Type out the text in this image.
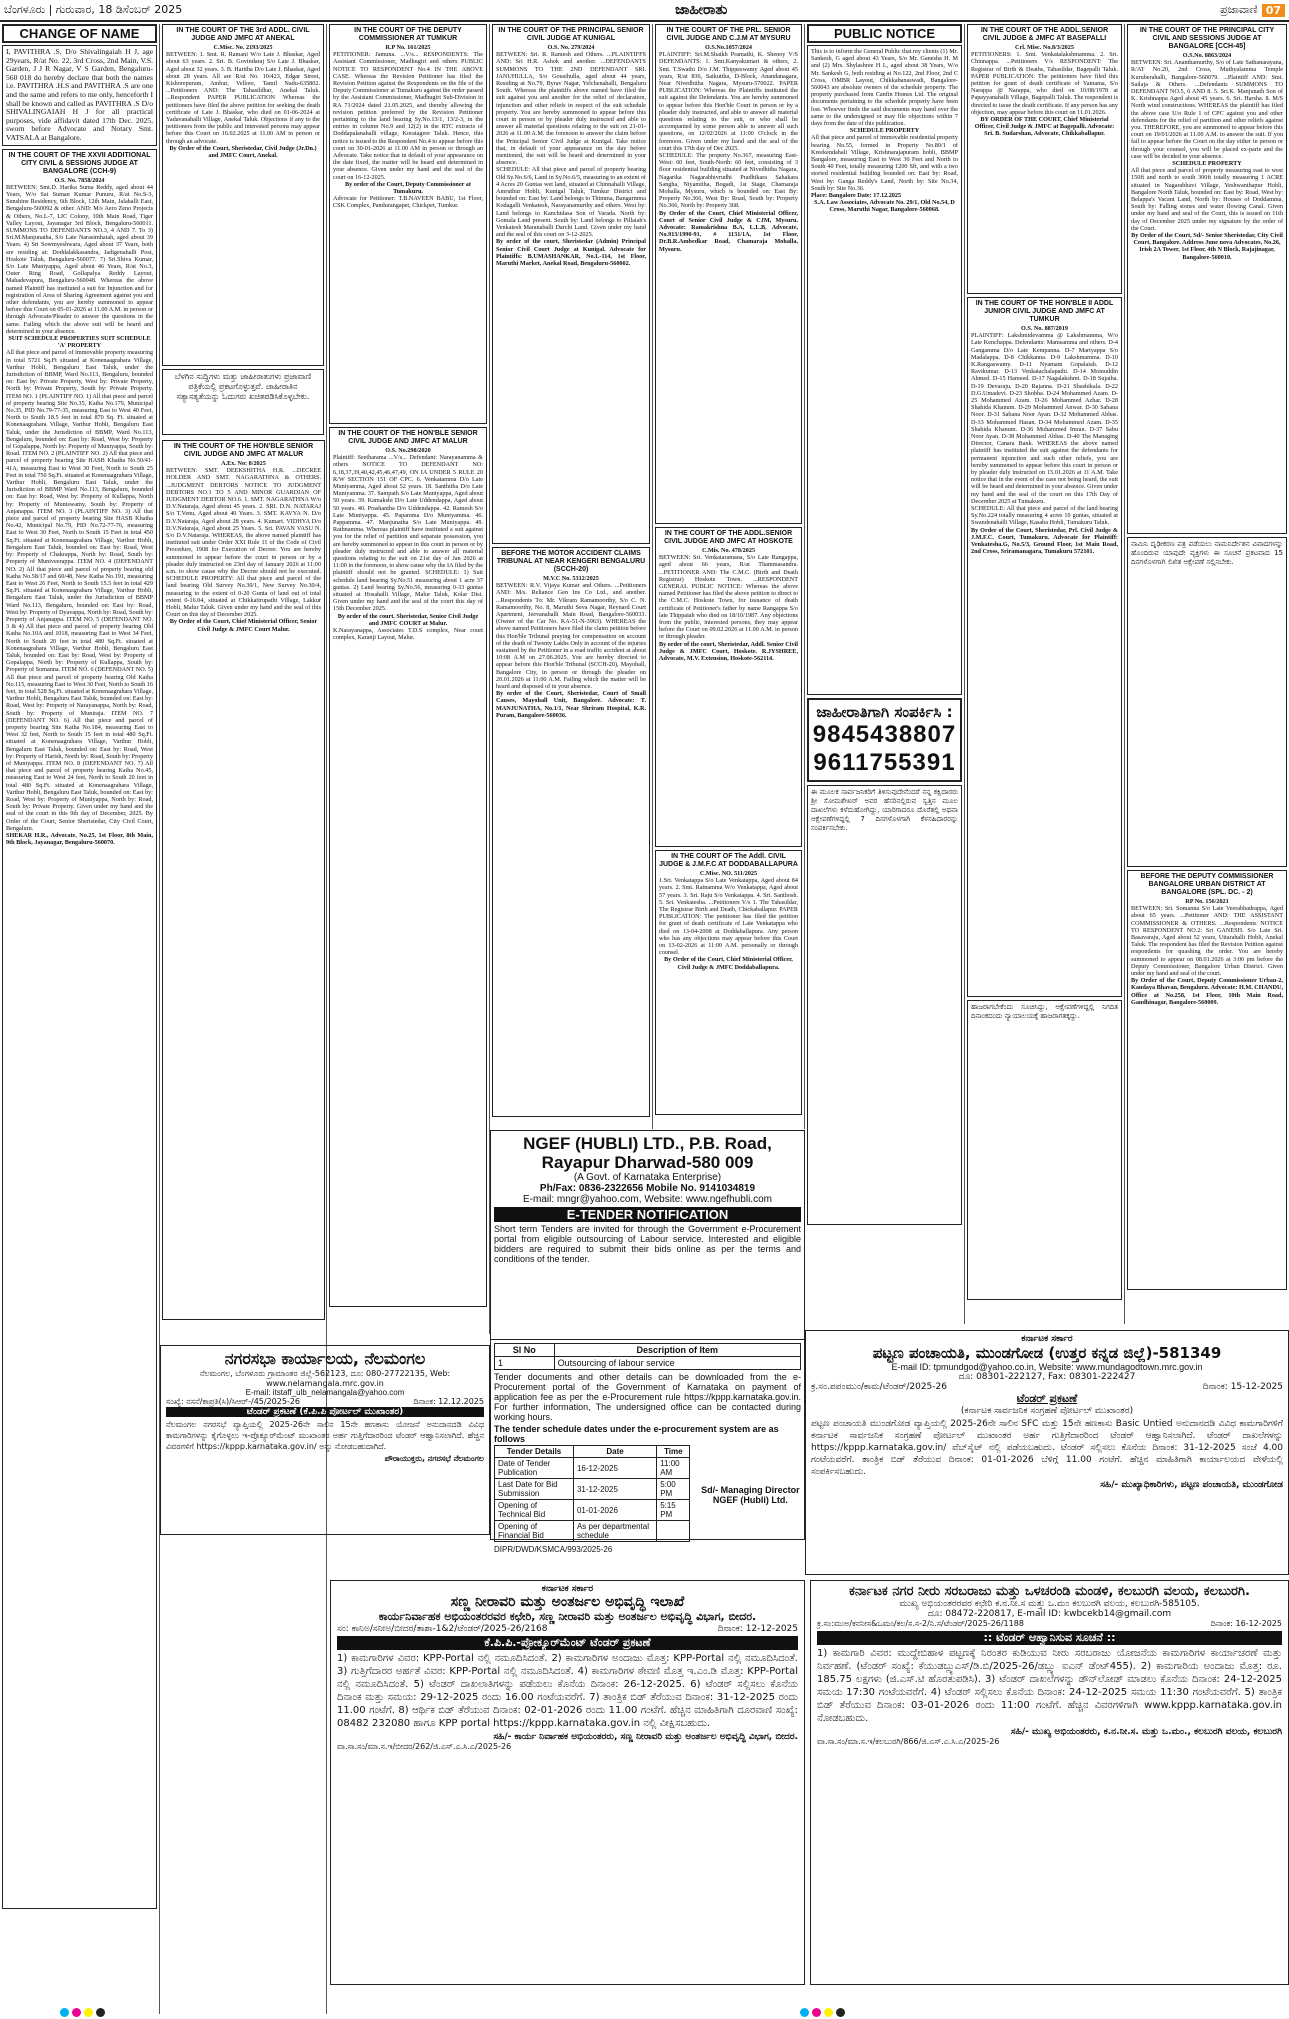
ಬೆಂಗಳೂರು | ಗುರುವಾರ, 18 ಡಿಸೆಂಬರ್ 2025	ಜಾಹೀರಾತು	ಪ್ರಜಾವಾಣಿ 07
CHANGE OF NAME

I, PAVITHRA .S, D/o Shivalingaiah H J, age 29years, R/at No. 22, 3rd Cross, 2nd Main, V.S. Garden, J J R Nagar, V S Garden, Bengaluru-560 018 do hereby declare that both the names i.e. PAVITHRA .H.S and PAVITHRA .S are one and the same and refers to me only, henceforth I shall be known and called as PAVITHRA .S D/o SHIVALINGAIAH H J for all practical purposes, vide affidavit dated 17th Dec. 2025, sworn before Advocate and Notary Smt. VATSALA at Bangalore.

IN THE COURT OF THE XXVII ADDITIONAL CITY CIVIL & SESSIONS JUDGE AT BANGALORE (CCH-9)
O.S. No. 7858/2024

BETWEEN: Smt.D. Harika Suma Reddy, aged about 44 Years, W/o Sai Suman Kumar Punuru, R/at No.S-3, Sunshine Residency, 6th Block, 12th Main, Jalahalli East, Bengaluru-560092 & other. AND: M/s Aero Zeno Projects & Others, No.L-7, LIC Colony, 10th Main Road, Tiger Valley Layout, Jayanagar 3rd Block, Bengaluru-560011. SUMMONS TO DEFENDANTS NO.3, 4 AND 7. To 3) Sri.M.Manjunatha, S/o Late Narasimhaiah, aged about 39 Years. 4) Sri Sowmyeshwara, Aged about 37 Years, both are residing at: Doddalakkasandra, Jadigenahalli Post, Hoskote Taluk, Bengaluru-560077. 7) Sri.Shiva Kumar, S/o Late Muniyappa, Aged about 46 Years, R/at No.3, Outer Ring Road, Gollapalya Reddy Layout, Mahadevapura, Bengaluru-560048. Whereas the above named Plaintiff has instituted a suit for Injunction and for registration of Area of Sharing Agreement against you and other defendants, you are hereby summoned to appear before this Court on 05-01-2026 at 11.00 A.M. in person or through Advocate/Pleader to answer the questions in the same. Failing which the above suit will be heard and determined in your absence.

SUIT SCHEDULE PROPERTIES SUIT SCHEDULE 'A' PROPERTY

All that piece and parcel of immovable property measuring in total 5721 Sq.Ft situated at Konenaagrahara Village, Varthur Hobli, Bengaluru East Taluk, under the Jurisdiction of BBMP, Ward No.113, Bengaluru, bounded on: East by: Private Property, West by: Private Property, North by: Private Property, South by: Private Property. ITEM NO. 1 (PLAINTIFF NO. 1) All that piece and parcel of property bearing Site No.35, Katha No.179, Municipal No.35, PID No.79-77-35, measuring East to West 40 Feet, North to South 18.5 feet in total 870 Sq. Ft. situated at Konenaagrahara Village, Varthur Hobli, Bengaluru East Taluk, under the Jurisdiction of BBMP, Ward No.113, Bengaluru, bounded on: East by: Road, West by: Property of Gopalappa, North by: Property of Muniyappa, South by: Road. ITEM NO. 2 (PLAINTIFF NO. 2) All that piece and parcel of property bearing Site HASB Khatha No.50/41-41A, measuring East to West 30 Feet, North to South 25 Feet in total 750 Sq.Ft. situated at Konenaagrahara Village, Varthur Hobli, Bengaluru East Taluk, under the Jurisdiction of BBMP Ward No.113, Bengaluru, bounded on: East by: Road, West by: Property of Kullappa, North by: Property of Muniswamy, South by: Property of Anjanappa. ITEM NO. 3 (PLAINTIFF NO. 3) All that piece and parcel of property bearing Site HASB Khatha No.42, Municipal No.79, PID No.72-77-76, measuring East to West 30 Feet, North to South 15 Feet in total 450 Sq.Ft. situated at Konenaagrahara Village, Varthur Hobli, Bengaluru East Taluk, bounded on: East by: Road, West by: Property of Chakrappa, North by: Road, South by: Property of Muniveerappa. ITEM NO. 4 (DEFENDANT NO. 2) All that piece and parcel of property bearing old Katha No.58/17 and 60/48, New Katha No.191, measuring East to West 26 Feet, North to South 15.5 feet in total 429 Sq.Ft. situated at Konenaagrahara Village, Varthur Hobli, Bengaluru East Taluk, under the Jurisdiction of BBMP Ward No.113, Bengaluru, bounded on: East by: Road, West by: Property of Dyavappa, North by: Road, South by: Property of Anjanappa. ITEM NO. 5 (DEFENDANT NO. 3 & 4) All that piece and parcel of property bearing Old Katha No.10A and 1018, measuring East to West 34 Feet, North to South 20 feet in total 480 Sq.Ft. situated at Konenaagrahara Village, Varthur Hobli, Bengaluru East Taluk, bounded on: East by: Road, West by: Property of Gopalappa, North by: Property of Kullappa, South by: Property of Somanna. ITEM NO. 6 (DEFENDANT NO. 5) All that piece and parcel of property bearing Old Katha No.115, measuring East to West 30 Feet, North to South 16 feet, in total 528 Sq.Ft. situated at Konenaagrahara Village, Varthur Hobli, Bengaluru East Taluk, bounded on: East by: Road, West by: Property of Narayanappa, North by: Road, South by: Property of Muniraja. ITEM NO. 7 (DEFENDANT NO. 6) All that piece and parcel of property bearing Site Katha No.184, measuring East to West 32 feet, North to South 15 feet in total 480 Sq.Ft. situated at Konenaagrahara Village, Varthur Hobli, Bengaluru East Taluk, bounded on: East by: Road, West by: Property of Harish, North by: Road, South by: Property of Muniyappa. ITEM NO. 8 (DEFENDANT NO. 7) All that piece and parcel of property bearing Katha No.45, measuring East to West 24 feet, North to South 20 feet in total 480 Sq.Ft. situated at Konenaagrahara Village, Varthur Hobli, Bengaluru East Taluk, bounded on: East by: Road, West by: Property of Muniyappa, North by: Road, South by: Private Property. Given under my hand and the seal of the court in this 9th day of December, 2025. By Order of the Court, Senior Sheristedar, City Civil Court, Bengaluru.

SHEKAR H.R., Advocate, No.25, 1st Floor, 8th Main, 9th Block, Jayanagar, Bengaluru-560070.

IN THE COURT OF THE 3rd ADDL. CIVIL JUDGE AND JMFC AT ANEKAL
C.Misc. No. 2193/2025

BETWEEN: 1. Smt. R. Ramani W/o Late J. Bhaskar, Aged about 63 years. 2. Sri. B. Govindaraj S/o Late J. Bhaskar, Aged about 32 years. 3. B. Haritha D/o Late J. Bhaskar, Aged about 28 years. All are R/at No. 10/423, Edgar Street, Kishorepuram, Ambur, Vellore, Tamil Nadu-635802. ...Petitioners AND: The Tahasildhar, Anekal Taluk. ...Respondent PAPER PUBLICATION Whereas the petitioners have filed the above petition for seeking the death certificate of Late J. Bhaskar, who died on 01-06-2024 at Yadavanahalli Village, Anekal Taluk. Objections if any to the petitioners from the public and interested persons may appear before this Court on 16.02.2025 at 11.00 AM in person or through an advocate.

By Order of the Court, Sheristedar, Civil Judge (Jr.Dn.) and JMFC Court, Anekal.

ಬೆಳಗಿನ ಸುದ್ದಿಗಳು ಮತ್ತು ಜಾಹೀರಾತುಗಳು ಪ್ರಜಾವಾಣಿ ಪತ್ರಿಕೆಯಲ್ಲಿ ಪ್ರಕಟಗೊಳ್ಳುತ್ತವೆ. ಜಾಹೀರಾತಿನ ಸತ್ಯಾಸತ್ಯತೆಯನ್ನು ಓದುಗರು ಖಚಿತಪಡಿಸಿಕೊಳ್ಳಬೇಕು.

IN THE COURT OF THE HON'BLE SENIOR CIVIL JUDGE AND JMFC AT MALUR
A.Ex. No: 8/2025

BETWEEN: SMT. DEEKSHITHA H.R. ...DECREE HOLDER AND SMT. NAGARATHNA & OTHERS. ...JUDGMENT DEBTORS NOTICE TO JUDGMENT DEBTORS NO.1 TO 5 AND MINOR GUARDIAN OF JUDGMENT DEBTOR NO.6. 1. SMT. NAGARATHNA W/o D.V.Nataraja, Aged about 45 years. 2. SRI. D.N. NATARAJ S/o T.Venu, Aged about 40 Years. 3. SMT. KAVYA N. D/o D.V.Nataraja, Aged about 28 years. 4. Kumari. VIDHYA D/o D.V.Nataraja, Aged about 25 Years. 5. Sri. PAVAN VASU N. S/o D.V.Nataraja. WHEREAS, the above named plaintiff has instituted suit under Order XXI Rule 11 of the Code of Civil Procedure, 1908 for Execution of Decree. You are hereby summoned to appear before the court in person or by a pleader duly instructed on 23rd day of January 2026 at 11:00 a.m. to show cause why the Decree should not be executed. SCHEDULE PROPERTY: All that piece and parcel of the land bearing Old Survey No.30/1, New Survey No.30/4, measuring to the extent of 0-20 Gunta of land out of total extent 0-16.04, situated at Chikkatirupathi Village, Lakkur Hobli, Malur Taluk. Given under my hand and the seal of this Court on this day of December 2025.

By Order of the Court, Chief Ministerial Officer, Senior Civil Judge & JMFC Court Malur.

IN THE COURT OF THE DEPUTY COMMISSIONER AT TUMKUR
R.P No. 161/2025

PETITIONER: Jamuna. ...V/s... RESPONDENTS: The Assistant Commissioner, Madhugiri and others PUBLIC NOTICE TO RESPONDENT No.4 IN THE ABOVE CASE. Whereas the Revision Petitioner has filed the Revision Petition against the Respondents on the file of the Deputy Commissioner at Tumakuru against the order passed by the Assistant Commissioner, Madhugiri Sub-Division in RA 71/2024 dated 21.05.2025, and thereby allowing the revision petition preferred by the Revision Petitioner pertaining to the land bearing Sy.No.13/1, 13/2-3, in the entries in column No.9 and 12(2) in the RTC extracts of Doddapalanahalli village, Koratagere Taluk. Hence, this notice is issued to the Respondent No.4 to appear before this court on 30-01-2026 at 11.00 AM in person or through an Advocate. Take notice that in default of your appearance on the date fixed, the matter will be heard and determined in your absence. Given under my hand and the seal of the court on 16-12-2025.

By order of the Court, Deputy Commissioner at Tumakuru.

Advocate for Petitioner: T.B.NAVEEN BABU, 1st Floor, CSK Complex, Pandurangapet, Chickpet, Tumkur.

IN THE COURT OF THE HON'BLE SENIOR CIVIL JUDGE AND JMFC AT MALUR
O.S. No.298/2020

Plaintiff: Seetharama ...V/s... Defendant: Narayanamma & others NOTICE TO DEFENDANT NO: 6,18,37,39,40,42,45,46,47,49, ON IA UNDER 5 RULE 20 R/W SECTION 151 OF CPC. 6. Venkatamma D/o Late Muniyamma, Aged about 52 years. 18. Santhitha D/o Late Muniyamma. 37. Sampath S/o Late Muniyappa, Aged about 50 years. 39. Kamakshi D/o Late Uddendappa, Aged about 50 years. 40. Prashantha D/o Uddendappa. 42. Ramesh S/o Late Muniyappa. 45. Papamma D/o Muniyamma. 46. Pappamma. 47. Manjunatha S/o Late Muniyappa. 49. Rathnamma. Whereas plaintiff have instituted a suit against you for the relief of partition and separate possession, you are hereby summoned to appear in this court in person or by pleader duly instructed and able to answer all material questions relating to the suit on 21st day of Jan 2026 at 11:00 in the forenoon, to show cause why the IA filed by the plaintiff should not be granted. SCHEDULE: 1) Suit schedule land bearing Sy.No.51 measuring about 1 acre 37 guntas. 2) Land bearing Sy.No.56, measuring 0-33 guntas situated at Hosahalli Village, Malur Taluk, Kolar Dist. Given under my hand and the seal of the court this day of 15th December 2025.

By order of the court. Sheristedar, Senior Civil Judge and JMFC COURT at Malur.

K.Narayanappa, Associates T.D.S complex, Near court complex, Karanji Layout, Malur.

IN THE COURT OF THE PRINCIPAL SENIOR CIVIL JUDGE AT KUNIGAL
O.S. No. 279/2024

BETWEEN: Sri. R. Ramesh and Others. ...PLAINTIFFS AND: Sri H.R. Ashok and another. ...DEFENDANTS SUMMONS TO THE 2ND DEFENDANT SRI. JANUHULLA, S/o Gousihulla, aged about 44 years, Residing at No.79, Byrav Nagar, Yelchenahalli, Bengaluru South. Whereas the plaintiffs above named have filed the suit against you and another for the relief of declaration, injunction and other reliefs in respect of the suit schedule property. You are hereby summoned to appear before this court in person or by pleader duly instructed and able to answer all material questions relating to the suit on 21-01-2026 at 11.00 A.M. the forenoon to answer the claim before the Principal Senior Civil Judge at Kunigal. Take notice that, in default of your appearance on the day before mentioned, the suit will be heard and determined in your absence.

SCHEDULE: All that piece and parcel of property bearing Old Sy.No.6/6, Land in Sy.No.6/5, measuring to an extent of 4 Acres 20 Guntas wet land, situated at Chinnahalli Village, Amruthur Hobli, Kunigal Taluk, Tumkur District and bounded on: East by: Land belongs to Thimma, Bangarmma Kodagalli Venkatesh, Narayanamurthy and others. West by: Land belongs to Kanchidasa Son of Varada. North by: Gomala Land present. South by: Land belongs to Pillaiah's Venkatesh Maranaballi Darchi Land. Given under my hand and the seal of this court on 3-12-2025.

By order of the court, Sheristedar (Admin) Principal Senior Civil Court Judge at Kunigal. Advocate for Plaintiffs: B.UMASHANKAR, No.L-114, 1st Floor, Maruthi Market, Anekal Road, Bengaluru-560002.

BEFORE THE MOTOR ACCIDENT CLAIMS TRIBUNAL AT NEAR KENGERI BENGALURU (SCCH-20)
M.V.C No. 5312/2025

BETWEEN: R.V. Vijaya Kumar and Others. ...Petitioners AND: M/s. Reliance Gen Ins Co Ltd., and another. ...Respondents To: Mr. Vikram Ramamoorthy, S/o C. N. Ramamoorthy, No. 8, Maruthi Seva Nagar, Reynard Court Apartment, Jeevanahalli Main Road, Bangalore-560033. (Owner of the Car No. KA-51-N-3963). WHEREAS the above named Petitioners have filed the claim petition before this Hon'ble Tribunal praying for compensation on account of the death of Twenty Lakhs Only in account of the injuries sustained by the Petitioner in a road traffic accident at about 10:08 A.M on 27.06.2025. You are hereby directed to appear before this Hon'ble Tribunal (SCCH-20), Mayohall, Bangalore City, in person or through the pleader on 20.01.2026 at 11:00 A.M. Failing which the matter will be heard and disposed of in your absence.

By order of the Court, Sheristedar, Court of Small Causes, Mayohall Unit, Bangalore. Advocate: T. MANJUNATHA, No.1/1, Near Shriram Hospital, K.R. Puram, Bangalore-560036.

IN THE COURT OF THE PRL. SENIOR CIVIL JUDGE AND C.J.M AT MYSURU
O.S.No.1057/2024

PLAINTIFF: Sri.M.Shaikh Pramathi, K. Shenoy V/S DEFENDANTS: 1. Smt.Kanyakumari & others, 2. Smt. T.Swathi D/o J.M. Thippeswamy Aged about 45 years, R/at 836, Saikuttha, D-Block, Anandanagara, Near Nivedhitha Nagara, Mysuru-570022. PAPER PUBLICATION: Whereas the Plaintiffs instituted the suit against the Defendants. You are hereby summoned to appear before this Hon'ble Court in person or by a pleader duly instructed, and able to answer all material questions relating to the suit, or who shall be accompanied by some person able to answer all such questions, on 12/02/2026 at 11:00 O'clock in the forenoon. Given under my hand and the seal of the court this 17th day of Dec 2025.

SCHEDULE: The property No.367, measuring East-West: 60 feet, South-North: 60 feet, consisting of 3 floor residential building situated at Nivedhitha Nagara, Nagarika Nagarabhivrudhi Pradhikara Sahakara Sangha, Niyamitha, Bogadi, 1st Stage, Chamaraja Mohalla, Mysuru, which is bounded on: East By: Property No.366, West By: Road, South by: Property No.366, North by: Property 368.

By Order of the Court, Chief Ministerial Officer, Court of Senior Civil Judge & CJM, Mysuru. Advocate: Ramakrishna B.A, L.L.B, Advocate, No.913/1990-91, # 1131/1A, 1st Floor, Dr.B.R.Ambedkar Road, Chamaraja Mohalla, Mysuru.

IN THE COURT OF THE ADDL.SENIOR CIVIL JUDGE AND JMFC AT HOSKOTE
C.Mis. No. 478/2025

BETWEEN: Sri. Venkataramana, S/o Late Rangappa, aged about 66 years, R/at Thammasandra. ...PETITIONER AND: The C.M.C. (Birth and Death Registrar) Hoskote Town. ...RESPONDENT GENERAL PUBLIC NOTICE: Whereas the above named Petitioner has filed the above petition to direct to the C.M.C. Hoskote Town, for issuance of death certificate of Petitioner's father by name Rangappa S/o late Thippaiah who died on 18/10/1987. Any objections from the public, interested persons, they may appear before the Court on 09.02.2026 at 11.00 A.M. in person or through pleader.

By order of the court, Sheristedar, Addl. Senior Civil Judge & JMFC Court, Hoskote. R.JYSHREE, Advocate, M.V. Extension, Hoskote-562114.

IN THE COURT OF The Addl. CIVIL JUDGE & J.M.F.C AT DODDABALLAPURA
C.Misc. NO. 511/2025

1.Sri. Venkatappa S/o Late Venkatappa, Aged about 84 years. 2. Smt. Ratnamma W/o Venkatappa, Aged about 57 years. 3. Sri. Raju S/o Venkatappa. 4. Sri. Santhosh. 5. Sri. Venkatesha. ...Petitioners V/s 1. The Tahasildar, The Registrar Birth and Death, Chickaballapur. PAPER PUBLICATION: The petitioner has filed the petition for grant of death certificate of Late Venkatappa who died on 13-04-2008 at Doddaballapura. Any person who has any objections may appear before this Court on 13-02-2026 at 11:00 A.M. personally or through counsel.

By Order of the Court, Chief Ministerial Officer, Civil Judge & JMFC Doddaballapura.

NGEF (HUBLI) LTD., P.B. Road, Rayapur Dharwad-580 009
(A Govt. of Karnataka Enterprise)
Ph/Fax: 0836-2322656 Mobile No. 9141034819
E-mail: mngr@yahoo.com, Website: www.ngefhubli.com
E-TENDER NOTIFICATION

Short term Tenders are invited for through the Government e-Procurement portal from eligible outsourcing of Labour service. Interested and eligible bidders are required to submit their bids online as per the terms and conditions of the tender.

Sl No	Description of Item
1	Outsourcing of labour service

Tender documents and other details can be downloaded from the e-Procurement portal of the Government of Karnataka on payment of application fee as per the e-Procurement rule https://kppp.karnataka.gov.in. For further information, The undersigned office can be contacted during working hours.

The tender schedule dates under the e-procurement system are as follows

Tender Details	Date	Time
Date of Tender Publication	16-12-2025	11:00 AM
Last Date for Bid Submission	31-12-2025	5:00 PM
Opening of Technical Bid	01-01-2026	5:15 PM
Opening of Financial Bid	As per departmental schedule	
Sd/- Managing Director NGEF (Hubli) Ltd.
DIPR/DWD/KSMCA/993/2025-26
PUBLIC NOTICE

This is to inform the General Public that my clients (1) Mr. Sankesh, G aged about 43 Years, S/o Mr. Ganesha H. M and (2) Mrs. Shylashree H L, aged about 38 Years, W/o Mr. Sankesh G, both residing at No.122, 2nd Floor, 2nd C Cross, OMBR Layout, Chikkabanaswadi, Bangalore-560043 are absolute owners of the schedule property. The property purchased from Canfin Homes Ltd. The original documents pertaining to the schedule property have been lost. Whoever finds the said documents may hand over the same to the undersigned or may file objections within 7 days from the date of this publication.

SCHEDULE PROPERTY

All that piece and parcel of immovable residential property bearing No.55, formed in Property No.80/1 of Kreekendahali Village, Krishnarajapuram hobli, BBMP Bangalore, measuring East to West 30 Feet and North to South 40 Feet, totally measuring 1200 Sft, and with a two storied residential building bounded on: East by: Road, West by: Ganga Reddy's Land, North by: Site No.34, South by: Site No.36.

Place: Bangalore Date: 17.12.2025

S.A. Law Associates, Advocate No. 29/1, Old No.54, D Cross, Maruthi Nagar, Bangalore-560068.

ಜಾಹೀರಾತಿಗಾಗಿ ಸಂಪರ್ಕಿಸಿ :
9845438807
9611755391

ಈ ಮೂಲಕ ಸಾರ್ವಜನಿಕರಿಗೆ ತಿಳಿಸುವುದೇನೆಂದರೆ ನನ್ನ ಕಕ್ಷಿದಾರರು ಶ್ರೀ ಸೋಮಶೇಖರ್ ಅವರ ಹೆಸರಿನಲ್ಲಿರುವ ಸ್ವತ್ತಿನ ಮೂಲ ದಾಖಲೆಗಳು ಕಳೆದುಹೋಗಿದ್ದು, ಯಾರಿಗಾದರೂ ದೊರೆತಲ್ಲಿ ಅಥವಾ ಆಕ್ಷೇಪಣೆಗಳಿದ್ದಲ್ಲಿ 7 ದಿನಗಳೊಳಗಾಗಿ ಕೆಳಸಹಿದಾರರನ್ನು ಸಂಪರ್ಕಿಸಬೇಕು.

IN THE COURT OF THE ADDL.SENIOR CIVIL JUDGE & JMFC AT BASEPALLI
Crl. Misc. No.8/3/2025

PETITIONERS: 1. Smt. Venkatalakshmamma. 2. Sri. Chinnappa. ...Petitioners V/s RESPONDENT: The Registrar of Birth & Deaths, Tahasildar, Bagepalli Taluk. PAPER PUBLICATION: The petitioners have filed this petition for grant of death certificate of Yamama, S/o Narappa @ Narappa, who died on 10/08/1978 at Papayyanahalli Village, Bagepalli Taluk. The respondent is directed to issue the death certificate. If any person has any objection, may appear before this court on 11.01.2026.

BY ORDER OF THE COURT, Chief Ministerial Officer, Civil Judge & JMFC at Bagepalli. Advocate: Sri. B. Sudarshan, Advocate, Chikkaballapur.

IN THE COURT OF THE HON'BLE II ADDL JUNIOR CIVIL JUDGE AND JMFC AT TUMKUR
O.S. No. 887/2019

PLAINTIFF: Lakshmidevamma @ Lakshmamma, W/o Late Kenchappa. Defendants: Mamsamma and others. D-4 Gangamma D/o Late Kempanna. D-7 Mariyappa S/o Madalappa. D-8 Chikkanna. D-9 Lakshmamma. D-10 K.Rangaswamy. D-11 Nyamam Gopalaiah. D-12 Ravikumar. D-13 Venkatachalapathi. D-14 Moinuddin Ahmed. D-15 Hameed. D-17 Nagalakshmi. D-18 Sujatha. D-19 Devaraju. D-20 Rajanna. D-21 Shashikala. D-22 D.G.Umadevi. D-23 Shobha. D-24 Mohammed Azam. D-25 Mohammed Azam. D-26 Mohammed Azhar. D-28 Shahida Khanum. D-29 Mohammed Anwar. D-30 Sabana Noor. D-31 Sabana Noor Ayan. D-32 Mohammed Abbas. D-33 Mohammed Hasan. D-34 Mohammed Azam. D-35 Shahida Khanum. D-36 Mohammed Imran. D-37 Sabu Noor Ayan. D-38 Mohammed Abbas. D-40 The Managing Director, Canara Bank. WHEREAS the above named plaintiff has instituted the suit against the defendants for permanent injunction and such other reliefs, you are hereby summoned to appear before this court in person or by pleader duly instructed on 15.01.2026 at 11 A.M. Take notice that in the event of the case not being heard, the suit will be heard and determined in your absence. Given under my hand and the seal of the court on this 17th Day of December 2025 at Tumakuru.

SCHEDULE: All that piece and parcel of the land bearing Sy.No.224 totally measuring 4 acres 10 guntas, situated at Swandenahalli Village, Kasaba Hobli, Tumakuru Taluk.

By Order of the Court, Sheristedar, Prl. Civil Judge & J.M.F.C. Court, Tumakuru. Advocate for Plaintiff: Venkatesha.G, No.5/3, Ground Floor, 1st Main Road, 2nd Cross, Sriramanagara, Tumakuru 572101.

ಹಾಜರಾಗಬೇಕೆಂದು ಸೂಚಿಸಿದ್ದು, ಆಕ್ಷೇಪಣೆಗಳಿದ್ದಲ್ಲಿ ನಿಗದಿತ ದಿನಾಂಕದಂದು ನ್ಯಾಯಾಲಯಕ್ಕೆ ಹಾಜರಾಗತಕ್ಕದ್ದು.

IN THE COURT OF THE PRINCIPAL CITY CIVIL AND SESSIONS JUDGE AT BANGALORE [CCH-45]
O.S.No. 8863/2024

BETWEEN: Sri. Ananthamurthy, S/o of Late Sathanarayana, R/AT No.20, 2nd Cross, Muthyalamma Temple Kuruberahalli, Bangalore-560079. ...Plaintiff AND: Smt. Sailaja & Others. ...Defendants SUMMONS TO DEFENDANT NO.5, 6 AND 8. 5. Sri.K. Manjunath Son of K. Krishnappa Aged about 45 years. 6. Sri. Harsha. 8. M/S North wind constructions. WHEREAS the plaintiff has filed the above case U/o Rule 1 of CPC against you and other defendants for the relief of partition and other reliefs against you. THEREFORE, you are summoned to appear before this court on 19/01/2026 at 11.00 A.M. to answer the suit. If you fail to appear before the Court on the day either in person or through your counsel, you will be placed ex-parte and the case will be decided in your absence.

SCHEDULE PROPERTY

All that piece and parcel of property measuring east to west 150ft and north to south 300ft totally measuring 1 ACRE situated in Nagarabhavi Village, Yeshwanthapur Hobli, Bangalore North Taluk, bounded on: East by: Road, West by: Belappa's Vacant Land, North by: Houses of Doddamma, South by: Falling stones and water flowing Canal. Given under my hand and seal of the Court, this is issued on 11th day of December 2025 under my signature by the order of the Court.

By Order of the Court, Sd/- Senior Sheristedar, City Civil Court, Bangalore. Address June nova Advocates, No.26, Irish 2A Tower, 1st Floor, 4th N Block, Rajajinagar, Bangalore-560010.

ನಾಮಿನಿ ದೃಢೀಕರಣ ಪತ್ರ ಪಡೆಯಲು ನಾಮನಿರ್ದೇಶನ ವಿವಾದಗಳನ್ನು ಹೊಂದಿರುವ ಯಾವುದೇ ವ್ಯಕ್ತಿಗಳು ಈ ಸೂಚನೆ ಪ್ರಕಟವಾದ 15 ದಿನಗಳೊಳಗಾಗಿ ಲಿಖಿತ ಆಕ್ಷೇಪಣೆ ಸಲ್ಲಿಸಬೇಕು.

BEFORE THE DEPUTY COMMISSIONER BANGALORE URBAN DISTRICT AT BANGALORE (SPL. DC. - 2)
RP No. 156/2021

BETWEEN: Sri. Somanna S/o Late Veerabhadrappa, Aged about 65 years. ...Petitioner AND: THE ASSISTANT COMMISSIONER & OTHERS. ...Respondents NOTICE TO RESPONDENT NO.2: Sri GANESH. S/o Late Sri. Basavaraju, Aged about 52 years, Uttarahalli Hobli, Anekal Taluk. The respondent has filed the Revision Petition against respondents for quashing the order. You are hereby summoned to appear on 08.01.2026 at 3:00 pm before the Deputy Commissioner, Bangalore Urban District. Given under my hand and seal of the court.

By Order of the Court, Deputy Commissioner Urban-2, Kandaya Bhavan, Bengaluru. Advocate: H.M. CHANDU, Office at No.258, 1st Floor, 10th Main Road, Gandhinagar, Bangalore-560009.

ಕರ್ನಾಟಕ ಸರ್ಕಾರ
ಪಟ್ಟಣ ಪಂಚಾಯತಿ, ಮುಂಡಗೋಡ (ಉತ್ತರ ಕನ್ನಡ ಜಿಲ್ಲೆ)-581349
E-mail ID: tpmundgod@yahoo.co.in, Website: www.mundagodtown.mrc.gov.in
ದೂ: 08301-222127, Fax: 08301-222427
ಕ್ರ.ಸಂ.ಪಪಂಮುಂ/ಕಾಮ/ಟೆಂಡರ್/2025-26	ದಿನಾಂಕ: 15-12-2025
ಟೆಂಡರ್ ಪ್ರಕಟಣೆ
(ಕರ್ನಾಟಕ ಸಾರ್ವಜನಿಕ ಸಂಗ್ರಹಣೆ ಪೋರ್ಟಲ್ ಮುಖಾಂತರ)

ಪಟ್ಟಣ ಪಂಚಾಯತಿ ಮುಂಡಗೋಡ ವ್ಯಾಪ್ತಿಯಲ್ಲಿ 2025-26ನೇ ಸಾಲಿನ SFC ಮತ್ತು 15ನೇ ಹಣಕಾಸು Basic Untied ಅನುದಾನದಡಿ ವಿವಿಧ ಕಾಮಗಾರಿಗಳಿಗೆ ಕರ್ನಾಟಕ ಸಾರ್ವಜನಿಕ ಸಂಗ್ರಹಣೆ ಪೋರ್ಟಲ್ ಮುಖಾಂತರ ಅರ್ಹ ಗುತ್ತಿಗೆದಾರರಿಂದ ಟೆಂಡರ್ ಆಹ್ವಾನಿಸಲಾಗಿದೆ. ಟೆಂಡರ್ ದಾಖಲೆಗಳನ್ನು https://kppp.karnataka.gov.in/ ವೆಬ್‌ಸೈಟ್ ನಲ್ಲಿ ಪಡೆಯಬಹುದು. ಟೆಂಡರ್ ಸಲ್ಲಿಸಲು ಕೊನೆಯ ದಿನಾಂಕ: 31-12-2025 ಸಂಜೆ 4.00 ಗಂಟೆಯವರೆಗೆ. ತಾಂತ್ರಿಕ ಬಿಡ್ ತೆರೆಯುವ ದಿನಾಂಕ: 01-01-2026 ಬೆಳಿಗ್ಗೆ 11.00 ಗಂಟೆಗೆ. ಹೆಚ್ಚಿನ ಮಾಹಿತಿಗಾಗಿ ಕಾರ್ಯಾಲಯದ ವೇಳೆಯಲ್ಲಿ ಸಂಪರ್ಕಿಸಬಹುದು.

ಸಹಿ/- ಮುಖ್ಯಾಧಿಕಾರಿಗಳು, ಪಟ್ಟಣ ಪಂಚಾಯತಿ, ಮುಂಡಗೋಡ
ನಗರಸಭಾ ಕಾರ್ಯಾಲಯ, ನೆಲಮಂಗಲ
ನೆಲಮಂಗಲ, ಬೆಂಗಳೂರು ಗ್ರಾಮಾಂತರ ಜಿಲ್ಲೆ-562123, ದೂ: 080-27722135, Web: www.nelamangala.mrc.gov.in
E-mail: itstaff_ulb_nelamangala@yahoo.com
ಸಂಖ್ಯೆ: ನಸನೆ/ಕಾಪ್ರತಿ(ಸಿ)/ಸಿಆರ್-/45/2025-26	ದಿನಾಂಕ: 12.12.2025
ಟೆಂಡರ್ ಪ್ರಕಟಣೆ (ಕೆ.ಪಿ.ಪಿ ಪೋರ್ಟಲ್ ಮುಖಾಂತರ)

ನೆಲಮಂಗಲ ನಗರಸಭೆ ವ್ಯಾಪ್ತಿಯಲ್ಲಿ 2025-26ನೇ ಸಾಲಿನ 15ನೇ ಹಣಕಾಸು ಯೋಜನೆ ಅನುದಾನದಡಿ ವಿವಿಧ ಕಾಮಗಾರಿಗಳನ್ನು ಕೈಗೊಳ್ಳಲು ಇ-ಪ್ರೊಕ್ಯೂರ್‌ಮೆಂಟ್ ಮುಖಾಂತರ ಅರ್ಹ ಗುತ್ತಿಗೆದಾರರಿಂದ ಟೆಂಡರ್ ಆಹ್ವಾನಿಸಲಾಗಿದೆ. ಹೆಚ್ಚಿನ ವಿವರಗಳಿಗೆ https://kppp.karnataka.gov.in/ ಅನ್ನು ನೋಡಬಹುದಾಗಿದೆ.

ಪೌರಾಯುಕ್ತರು, ನಗರಸಭೆ ನೆಲಮಂಗಲ
ಕರ್ನಾಟಕ ಸರ್ಕಾರ
ಸಣ್ಣ ನೀರಾವರಿ ಮತ್ತು ಅಂತರ್ಜಲ ಅಭಿವೃದ್ಧಿ ಇಲಾಖೆ
ಕಾರ್ಯನಿರ್ವಾಹಕ ಅಭಿಯಂತರರವರ ಕಛೇರಿ, ಸಣ್ಣ ನೀರಾವರಿ ಮತ್ತು ಅಂತರ್ಜಲ ಅಭಿವೃದ್ಧಿ ವಿಭಾಗ, ಬೀದರ.
ಸಂ: ಕಾನಿಅ/ಸನೀಅ/ಬೀದರ/ತಾಶಾ-1&2/ಟೆಂಡರ್/2025-26/2168	ದಿನಾಂಕ: 12-12-2025
ಕೆ.ಪಿ.ಪಿ.-ಪ್ರೋಕ್ಯೂರ್‌ಮೆಂಟ್ ಟೆಂಡರ್ ಪ್ರಕಟಣೆ

1) ಕಾಮಗಾರಿಗಳ ವಿವರ: KPP-Portal ನಲ್ಲಿ ನಮೂದಿಸಿದಂತೆ. 2) ಕಾಮಗಾರಿಗಳ ಅಂದಾಜು ಮೊತ್ತ: KPP-Portal ನಲ್ಲಿ ನಮೂದಿಸಿದಂತೆ. 3) ಗುತ್ತಿಗೆದಾರರ ಅರ್ಹತೆ ವಿವರ: KPP-Portal ನಲ್ಲಿ ನಮೂದಿಸಿದಂತೆ. 4) ಕಾಮಗಾರಿಗಳ ಠೇವಣಿ ಮೊತ್ತ ಇ.ಎಂ.ಡಿ ಮೊತ್ತ: KPP-Portal ನಲ್ಲಿ ನಮೂದಿಸಿದಂತೆ. 5) ಟೆಂಡರ್ ದಾಖಲಾತಿಗಳನ್ನು ಪಡೆಯಲು ಕೊನೆಯ ದಿನಾಂಕ: 26-12-2025. 6) ಟೆಂಡರ್ ಸಲ್ಲಿಸಲು ಕೊನೆಯ ದಿನಾಂಕ ಮತ್ತು ಸಮಯ: 29-12-2025 ರಂದು 16.00 ಗಂಟೆಯವರೆಗೆ. 7) ತಾಂತ್ರಿಕ ಬಿಡ್ ತೆರೆಯುವ ದಿನಾಂಕ: 31-12-2025 ರಂದು 11.00 ಗಂಟೆಗೆ. 8) ಆರ್ಥಿಕ ಬಿಡ್ ತೆರೆಯುವ ದಿನಾಂಕ: 02-01-2026 ರಂದು 11.00 ಗಂಟೆಗೆ. ಹೆಚ್ಚಿನ ಮಾಹಿತಿಗಾಗಿ ದೂರವಾಣಿ ಸಂಖ್ಯೆ: 08482 232080 ಹಾಗೂ KPP portal https://kppp.karnataka.gov.in ನಲ್ಲಿ ವೀಕ್ಷಿಸಬಹುದು.

ಸಹಿ/- ಕಾರ್ಯ ನಿರ್ವಾಹಕ ಅಭಿಯಂತರರು, ಸಣ್ಣ ನೀರಾವರಿ ಮತ್ತು ಅಂತರ್ಜಲ ಅಭಿವೃದ್ಧಿ ವಿಭಾಗ, ಬೀದರ.
ವಾ.ಸಾ.ಸಂ/ಮಾ.ಸ.ಇ/ಬೀದರ/262/ಜಿ.ಎಸ್.ಎ.ಸಿ.ಎ/2025-26
ಕರ್ನಾಟಕ ನಗರ ನೀರು ಸರಬರಾಜು ಮತ್ತು ಒಳಚರಂಡಿ ಮಂಡಳಿ, ಕಲಬುರಗಿ ವಲಯ, ಕಲಬುರಗಿ.
ಮುಖ್ಯ ಅಭಿಯಂತರರವರ ಕಛೇರಿ ಕ.ನ.ನೀ.ಸ ಮತ್ತು ಒ.ಮಂ ಕಲಬುರಗಿ ವಲಯ, ಕಲಬುರಗಿ-585105.
ದೂ: 08472-220817, E-mail ID: kwbcekb14@gmail.com
ಕ್ರ.ಸಂ:ಮುಅ/ಕನನೀಸ&ಒಮಂ/ಕಲ/ಸ.ಸ-2/ನಿ.ಸ/ಟೆಂಡರ್/2025-26/1188	ದಿನಾಂಕ: 16-12-2025
:: ಟೆಂಡರ್ ಆಹ್ವಾನಿಸುವ ಸೂಚನೆ ::

1) ಕಾಮಗಾರಿ ವಿವರ: ಮುದ್ದೇಬಿಹಾಳ ಪಟ್ಟಣಕ್ಕೆ ನಿರಂತರ ಕುಡಿಯುವ ನೀರು ಸರಬರಾಜು ಯೋಜನೆಯ ಕಾಮಗಾರಿಗಳ ಕಾರ್ಯಾಚರಣೆ ಮತ್ತು ನಿರ್ವಹಣೆ. (ಟೆಂಡರ್ ಸಂಖ್ಯೆ: ಕೆಯುಡಬ್ಲ್ಯುಎಸ್/ಡಿ.ಬಿ/2025-26/ಡಬ್ಲ್ಯು ಐಎನ್ ಡೆಂಟ್455). 2) ಕಾಮಗಾರಿಯ ಅಂದಾಜು ಮೊತ್ತ: ರೂ. 185.75 ಲಕ್ಷಗಳು (ಜಿ.ಎಸ್.ಟಿ ಹೊರತುಪಡಿಸಿ). 3) ಟೆಂಡರ್ ದಾಖಲೆಗಳನ್ನು ಡೌನ್‌ಲೋಡ್ ಮಾಡಲು ಕೊನೆಯ ದಿನಾಂಕ: 24-12-2025 ಸಮಯ 17:30 ಗಂಟೆಯವರೆಗೆ. 4) ಟೆಂಡರ್ ಸಲ್ಲಿಸಲು ಕೊನೆಯ ದಿನಾಂಕ: 24-12-2025 ಸಮಯ 11:30 ಗಂಟೆಯವರೆಗೆ. 5) ತಾಂತ್ರಿಕ ಬಿಡ್ ತೆರೆಯುವ ದಿನಾಂಕ: 03-01-2026 ರಂದು 11:00 ಗಂಟೆಗೆ. ಹೆಚ್ಚಿನ ವಿವರಗಳಿಗಾಗಿ www.kppp.karnataka.gov.in ನೋಡಬಹುದು.

ಸಹಿ/- ಮುಖ್ಯ ಅಭಿಯಂತರರು, ಕ.ನ.ನೀ.ಸ. ಮತ್ತು ಒ.ಮಂ., ಕಲಬುರಗಿ ವಲಯ, ಕಲಬುರಗಿ
ವಾ.ಸಾ.ಸಂ/ಮಾ.ಸ.ಇ/ಕಲಬುರಗಿ/866/ಜಿ.ಎಸ್.ಎ.ಸಿ.ಎ/2025-26
